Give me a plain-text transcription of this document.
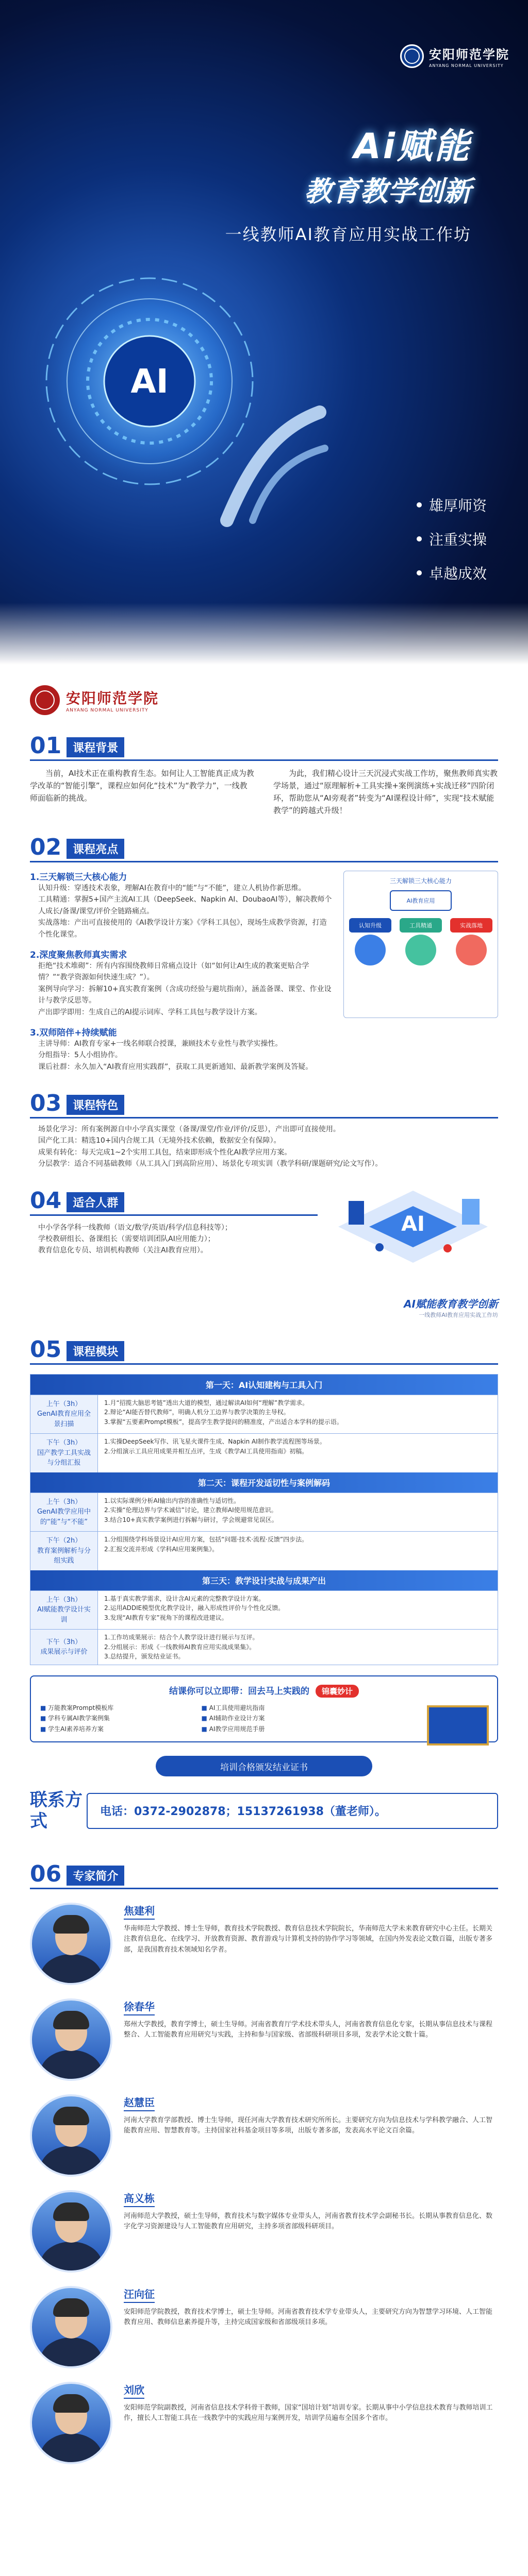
安阳师范学院
ANYANG NORMAL UNIVERSITY
Ai赋能
教育教学创新
一线教师AI教育应用实战工作坊
AI
雄厚师资
注重实操
卓越成效
安阳师范学院
ANYANG NORMAL UNIVERSITY
01	课程背景

当前，AI技术正在重构教育生态。如何让人工智能真正成为教学改革的“智能引擎”，课程应如何化“技术”为“教学力”，一线教师面临新的挑战。

为此，我们精心设计三天沉浸式实战工作坊，聚焦教师真实教学场景，通过“原理解析+工具实操+案例演练+实战迁移”四阶闭环，帮助您从“AI旁观者”转变为“AI课程设计师”，实现“技术赋能教学”的跨越式升级！

02	课程亮点
1.三天解锁三大核心能力
认知升级：穿透技术表象，理解AI在教育中的“能”与“不能”，建立人机协作新思维。
工具精通：掌握5+国产主流AI工具（DeepSeek、Napkin AI、DoubaoAI等），解决教师个人成长/备课/课堂/评价全链路痛点。
实战落地：产出可直接使用的《AI教学设计方案》《学科工具包》，现场生成教学资源，打造个性化课堂。
2.深度聚焦教师真实需求
拒绝“技术堆砌”：所有内容围绕教师日常痛点设计（如“如何让AI生成的教案更贴合学情？”“教学资源如何快速生成？”）。
案例导向学习：拆解10+真实教育案例（含成功经验与避坑指南），涵盖备课、课堂、作业设计与教学反思等。
产出即学即用：生成自己的AI提示词库、学科工具包与教学设计方案。
三天解锁三大核心能力
AI教育应用
认知升级	工具精通	实战落地
3.双师陪伴+持续赋能
主讲导师：AI教育专家+一线名师联合授课，兼顾技术专业性与教学实操性。
分组指导：5人小组协作。
课后社群：永久加入“AI教育应用实践群”，获取工具更新通知、最新教学案例及答疑。
03	课程特色
场景化学习：所有案例源自中小学真实课堂（备课/课堂/作业/评价/反思），产出即可直接使用。
国产化工具：精选10+国内合规工具（无境外技术依赖，数据安全有保障）。
成果有转化：每天完成1~2个实用工具包，结束即形成个性化AI教学应用方案。
分层教学：适合不同基础教师（从工具入门到高阶应用）、场景化专项实训（教学科研/课题研究/论文写作）。
04	适合人群
中小学各学科一线教师（语文/数学/英语/科学/信息科技等）；
学校教研组长、备课组长（需要培训团队AI应用能力）；
教育信息化专员、培训机构教师（关注AI教育应用）。
AI
AI赋能教育教学创新
一线教师AI教育应用实战工作坊
05	课程模块
第一天：AI认知建构与工具入门
上午（3h）
GenAI教育应用全景扫描
1.月“招揽大脑思考链”透出大道的模型，通过解读AI如何“理解”教学需求。
2.辩论“AI能否替代教师”，明确人机分工边界与教学决策的主导权。
3.掌握“五要素Prompt模板”，提高学生教学提问的精准度，产出适合本学科的提示语。
下午（3h）
国产教学工具实战与分组汇报
1.实操DeepSeek写作、讯飞星火课件生成、Napkin AI制作教学流程图等场景。
2.分组演示工具应用成果并相互点评，生成《教学AI工具使用指南》初稿。
第二天：课程开发适切性与案例解码
上午（3h）
GenAI教学应用中的“能”与“不能”
1.以实际课例分析AI输出内容的准确性与适切性。
2.实操“伦理边界与学术诚信”讨论，建立教师AI使用规范意识。
3.结合10+真实教学案例进行拆解与研讨，学会规避常见误区。
下午（2h）
教育案例解析与分组实践
1.分组围绕学科场景设计AI应用方案，包括“问题·技术·流程·反馈”四步法。
2.汇报交流并形成《学科AI应用案例集》。
第三天：教学设计实战与成果产出
上午（3h）
AI赋能教学设计实训
1.基于真实教学需求，设计含AI元素的完整教学设计方案。
2.运用ADDIE模型优化教学设计，融入形成性评价与个性化反馈。
3.发现“AI教育专家”视角下的课程改进建议。
下午（3h）
成果展示与评价
1.工作坊成果展示：结合个人教学设计进行展示与互评。
2.分组展示：形成《一线教师AI教育应用实战成果集》。
3.总结提升，颁发结业证书。
结课你可以立即带：回去马上实践的 锦囊妙计
■ 万能教案Prompt模板库	■ AI工具使用避坑指南
■ 学科专属AI教学案例集	■ AI辅助作业设计方案
■ 学生AI素养培养方案	■ AI教学应用规范手册
培训合格颁发结业证书
联系方式	电话：0372-2902878；15137261938（董老师）。
06	专家简介
焦建利
华南师范大学教授、博士生导师，教育技术学院教授、教育信息技术学院院长，华南师范大学未来教育研究中心主任。长期关注教育信息化、在线学习、开放教育资源、教育游戏与计算机支持的协作学习等领域，在国内外发表论文数百篇，出版专著多部，是我国教育技术领域知名学者。
徐春华
郑州大学教授，教育学博士，硕士生导师。河南省教育厅学术技术带头人，河南省教育信息化专家，长期从事信息技术与课程整合、人工智能教育应用研究与实践，主持和参与国家级、省部级科研项目多项，发表学术论文数十篇。
赵慧臣
河南大学教育学部教授、博士生导师，现任河南大学教育技术研究所所长。主要研究方向为信息技术与学科教学融合、人工智能教育应用、智慧教育等。主持国家社科基金项目等多项，出版专著多部，发表高水平论文百余篇。
高义栋
河南师范大学教授，硕士生导师，教育技术与数字媒体专业带头人，河南省教育技术学会副秘书长。长期从事教育信息化、数字化学习资源建设与人工智能教育应用研究，主持多项省部级科研项目。
汪向征
安阳师范学院教授，教育技术学博士，硕士生导师。河南省教育技术学专业带头人，主要研究方向为智慧学习环境、人工智能教育应用、教师信息素养提升等，主持完成国家级和省部级项目多项。
刘欣
安阳师范学院副教授，河南省信息技术学科骨干教师，国家“国培计划”培训专家。长期从事中小学信息技术教育与教师培训工作，擅长人工智能工具在一线教学中的实践应用与案例开发，培训学员遍布全国多个省市。
